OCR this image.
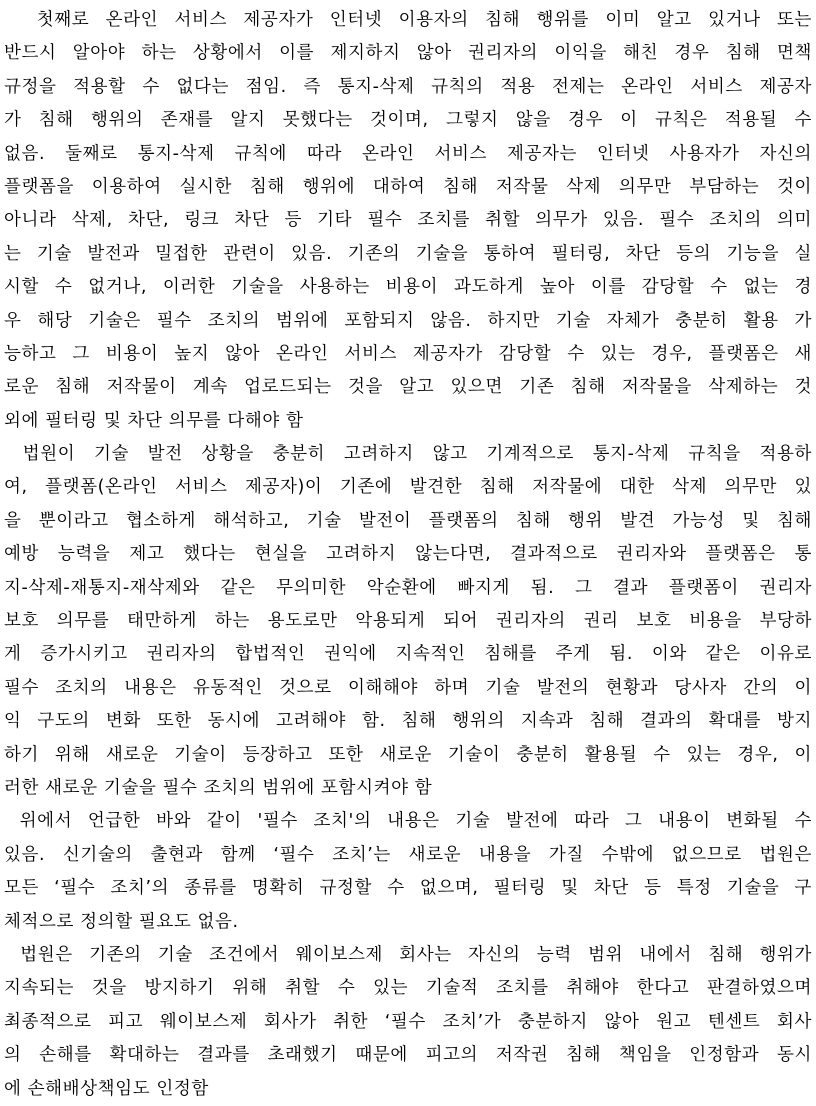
첫째로 온라인 서비스 제공자가 인터넷 이용자의 침해 행위를 이미 알고 있거나 또는
반드시 알아야 하는 상황에서 이를 제지하지 않아 권리자의 이익을 해친 경우 침해 면책
규정을 적용할 수 없다는 점임. 즉 통지-삭제 규칙의 적용 전제는 온라인 서비스 제공자
가 침해 행위의 존재를 알지 못했다는 것이며, 그렇지 않을 경우 이 규칙은 적용될 수
없음. 둘째로 통지-삭제 규칙에 따라 온라인 서비스 제공자는 인터넷 사용자가 자신의
플랫폼을 이용하여 실시한 침해 행위에 대하여 침해 저작물 삭제 의무만 부담하는 것이
아니라 삭제, 차단, 링크 차단 등 기타 필수 조치를 취할 의무가 있음. 필수 조치의 의미
는 기술 발전과 밀접한 관련이 있음. 기존의 기술을 통하여 필터링, 차단 등의 기능을 실
시할 수 없거나, 이러한 기술을 사용하는 비용이 과도하게 높아 이를 감당할 수 없는 경
우 해당 기술은 필수 조치의 범위에 포함되지 않음. 하지만 기술 자체가 충분히 활용 가
능하고 그 비용이 높지 않아 온라인 서비스 제공자가 감당할 수 있는 경우, 플랫폼은 새
로운 침해 저작물이 계속 업로드되는 것을 알고 있으면 기존 침해 저작물을 삭제하는 것
외에 필터링 및 차단 의무를 다해야 함
법원이 기술 발전 상황을 충분히 고려하지 않고 기계적으로 통지-삭제 규칙을 적용하
여, 플랫폼(온라인 서비스 제공자)이 기존에 발견한 침해 저작물에 대한 삭제 의무만 있
을 뿐이라고 협소하게 해석하고, 기술 발전이 플랫폼의 침해 행위 발견 가능성 및 침해
예방 능력을 제고 했다는 현실을 고려하지 않는다면, 결과적으로 권리자와 플랫폼은 통
지-삭제-재통지-재삭제와 같은 무의미한 악순환에 빠지게 됨. 그 결과 플랫폼이 권리자
보호 의무를 태만하게 하는 용도로만 악용되게 되어 권리자의 권리 보호 비용을 부당하
게 증가시키고 권리자의 합법적인 권익에 지속적인 침해를 주게 됨. 이와 같은 이유로
필수 조치의 내용은 유동적인 것으로 이해해야 하며 기술 발전의 현황과 당사자 간의 이
익 구도의 변화 또한 동시에 고려해야 함. 침해 행위의 지속과 침해 결과의 확대를 방지
하기 위해 새로운 기술이 등장하고 또한 새로운 기술이 충분히 활용될 수 있는 경우, 이
러한 새로운 기술을 필수 조치의 범위에 포함시켜야 함
위에서 언급한 바와 같이 '필수 조치'의 내용은 기술 발전에 따라 그 내용이 변화될 수
있음. 신기술의 출현과 함께 ‘필수 조치’는 새로운 내용을 가질 수밖에 없으므로 법원은
모든 ‘필수 조치’의 종류를 명확히 규정할 수 없으며, 필터링 및 차단 등 특정 기술을 구
체적으로 정의할 필요도 없음.
법원은 기존의 기술 조건에서 웨이보스제 회사는 자신의 능력 범위 내에서 침해 행위가
지속되는 것을 방지하기 위해 취할 수 있는 기술적 조치를 취해야 한다고 판결하였으며
최종적으로 피고 웨이보스제 회사가 취한 ‘필수 조치’가 충분하지 않아 원고 텐센트 회사
의 손해를 확대하는 결과를 초래했기 때문에 피고의 저작권 침해 책임을 인정함과 동시
에 손해배상책임도 인정함
